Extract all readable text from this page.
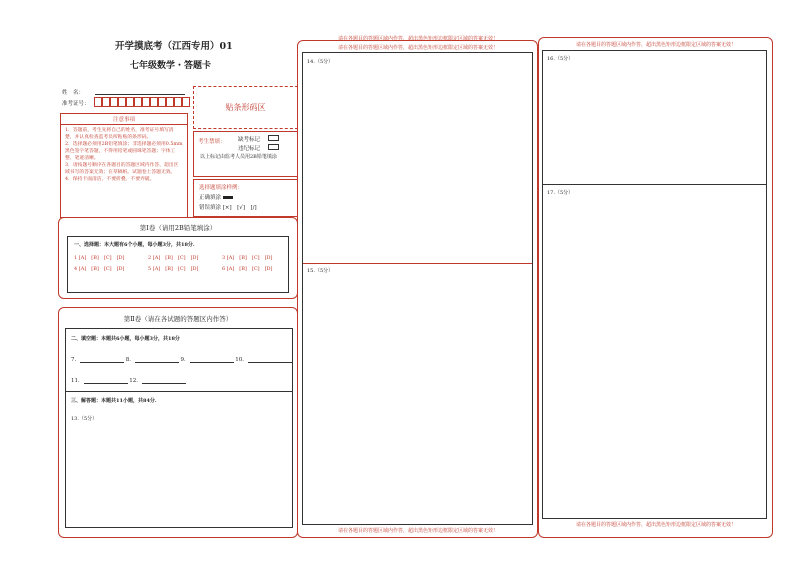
开学摸底考（江西专用）01
七年级数学・答题卡
姓　名：
准考证号：	贴条形码区
注意事项
1．答题前，考生先将自己的姓名，准考证号填写清楚，并认真检查监考员所粘贴的条形码。
2．选择题必须用2B铅笔填涂；非选择题必须用0.5mm黑色签字笔答题，不得用铅笔或圆珠笔答题；字体工整、笔迹清晰。
3．请按题号顺序在各题目的答题区域内作答，超出区域书写的答案无效；在草稿纸、试题卷上答题无效。
4．保持卡面清洁，不要折叠、不要弄破。
考生禁填： 缺考标记
违纪标记
以上标记由监考人员用2B铅笔填涂
选择题填涂样例：
正确填涂
错误填涂 [×]　[√]　[/]
第Ⅰ卷（请用2B铅笔填涂）
一、选择题：本大题有6个小题，每小题3分，共18分.
1 [A]　[B]　[C]　[D]	2 [A]　[B]　[C]　[D]	3 [A]　[B]　[C]　[D]
4 [A]　[B]　[C]　[D]	5 [A]　[B]　[C]　[D]	6 [A]　[B]　[C]　[D]
第Ⅱ卷（请在各试题的答题区内作答）
二、填空题：本题共6小题，每小题3分，共18分
7．	8．	9．	10．
11．	12．
三、解答题：本题共11小题，共84分.
13.（5分）
请在各题目的答题区域内作答，超出黑色矩形边框限定区域的答案无效！
请在各题目的答题区域内作答，超出黑色矩形边框限定区域的答案无效！
14.（5分）
15.（5分）
请在各题目的答题区域内作答，超出黑色矩形边框限定区域的答案无效！
请在各题目的答题区域内作答，超出黑色矩形边框限定区域的答案无效！
16.（5分）
17.（5分）
请在各题目的答题区域内作答，超出黑色矩形边框限定区域的答案无效！
